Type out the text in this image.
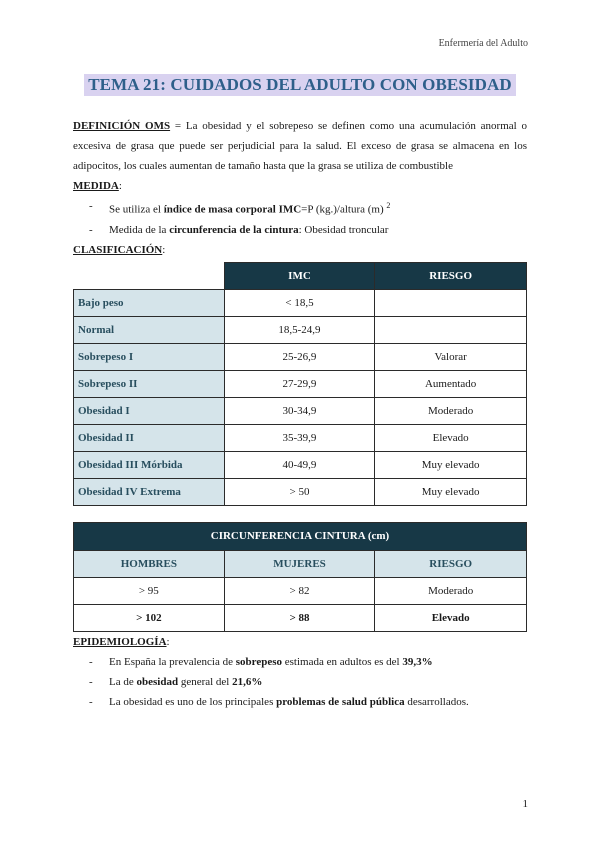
Enfermería del Adulto
TEMA 21: CUIDADOS DEL ADULTO CON OBESIDAD

DEFINICIÓN OMS = La obesidad y el sobrepeso se definen como una acumulación anormal o excesiva de grasa que puede ser perjudicial para la salud. El exceso de grasa se almacena en los adipocitos, los cuales aumentan de tamaño hasta que la grasa se utiliza de combustible

MEDIDA:

- Se utiliza el índice de masa corporal IMC=P (kg.)/altura (m) $^2$
- Medida de la circunferencia de la cintura: Obesidad troncular

CLASIFICACIÓN:

	IMC	RIESGO
Bajo peso	< 18,5	
Normal	18,5-24,9	
Sobrepeso I	25-26,9	Valorar
Sobrepeso II	27-29,9	Aumentado
Obesidad I	30-34,9	Moderado
Obesidad II	35-39,9	Elevado
Obesidad III Mórbida	40-49,9	Muy elevado
Obesidad IV Extrema	> 50	Muy elevado
CIRCUNFERENCIA CINTURA (cm)		
HOMBRES	MUJERES	RIESGO
> 95	> 82	Moderado
> 102	> 88	Elevado

EPIDEMIOLOGÍA:

- En España la prevalencia de sobrepeso estimada en adultos es del 39,3%
- La de obesidad general del 21,6%
- La obesidad es uno de los principales problemas de salud pública desarrollados.
1
